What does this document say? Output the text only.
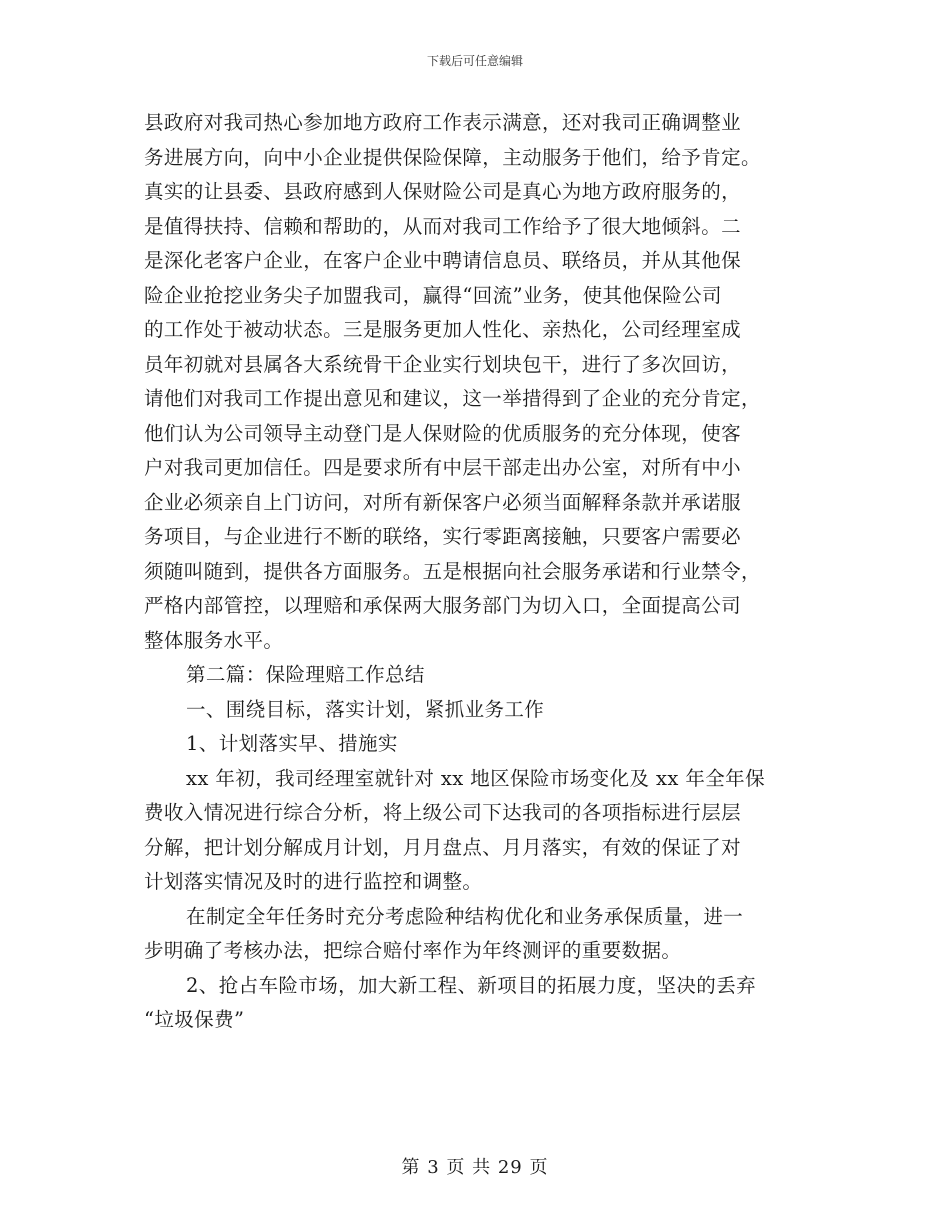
下载后可任意编辑
县政府对我司热心参加地方政府工作表示满意，还对我司正确调整业
务进展方向，向中小企业提供保险保障，主动服务于他们，给予肯定。
真实的让县委、县政府感到人保财险公司是真心为地方政府服务的，
是值得扶持、信赖和帮助的，从而对我司工作给予了很大地倾斜。二
是深化老客户企业，在客户企业中聘请信息员、联络员，并从其他保
险企业抢挖业务尖子加盟我司，赢得“回流”业务，使其他保险公司
的工作处于被动状态。三是服务更加人性化、亲热化，公司经理室成
员年初就对县属各大系统骨干企业实行划块包干，进行了多次回访，
请他们对我司工作提出意见和建议，这一举措得到了企业的充分肯定，
他们认为公司领导主动登门是人保财险的优质服务的充分体现，使客
户对我司更加信任。四是要求所有中层干部走出办公室，对所有中小
企业必须亲自上门访问，对所有新保客户必须当面解释条款并承诺服
务项目，与企业进行不断的联络，实行零距离接触，只要客户需要必
须随叫随到，提供各方面服务。五是根据向社会服务承诺和行业禁令，
严格内部管控，以理赔和承保两大服务部门为切入口，全面提高公司
整体服务水平。
第二篇：保险理赔工作总结
一、围绕目标，落实计划，紧抓业务工作
1、计划落实早、措施实
xx 年初，我司经理室就针对 xx 地区保险市场变化及 xx 年全年保
费收入情况进行综合分析，将上级公司下达我司的各项指标进行层层
分解，把计划分解成月计划，月月盘点、月月落实，有效的保证了对
计划落实情况及时的进行监控和调整。
在制定全年任务时充分考虑险种结构优化和业务承保质量，进一
步明确了考核办法，把综合赔付率作为年终测评的重要数据。
2、抢占车险市场，加大新工程、新项目的拓展力度，坚决的丢弃
“垃圾保费”
第 3 页 共 29 页
